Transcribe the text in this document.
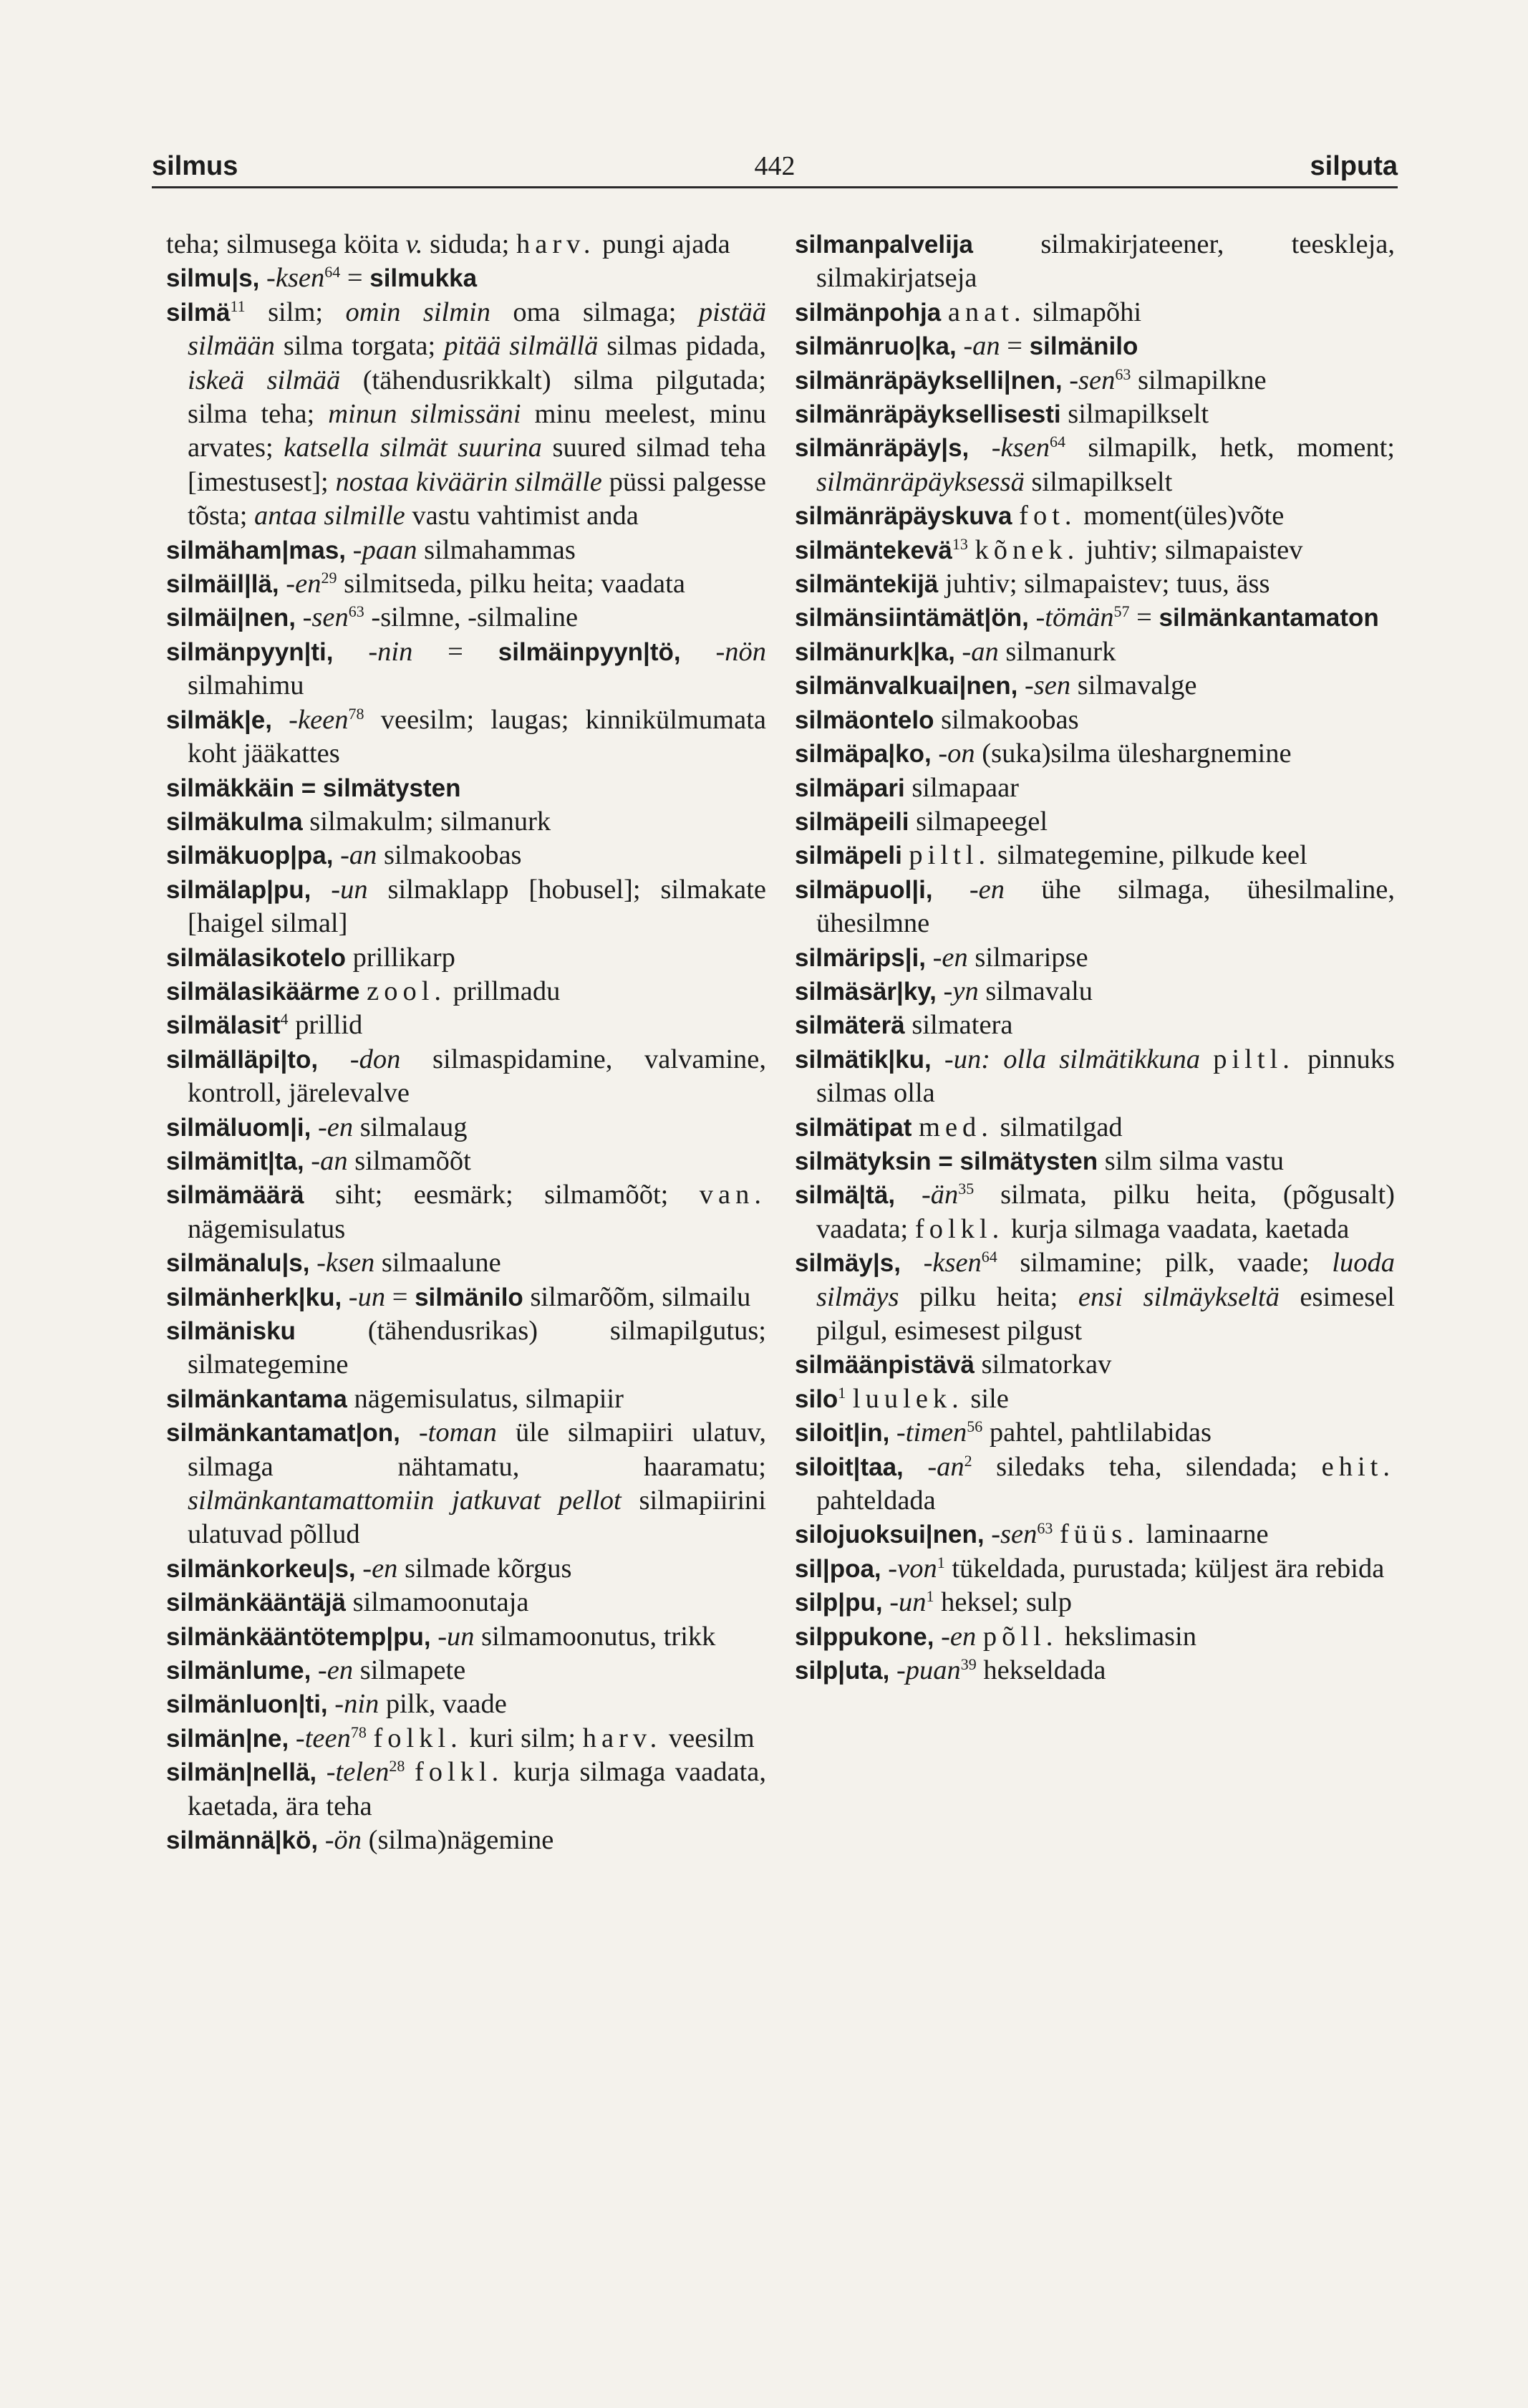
442
silmus	silputa

teha; silmusega köita v. siduda; harv. pungi ajada

silmu|s, -ksen$^{64}$ = silmukka

silmä$^{11}$ silm; omin silmin oma silmaga; pistää silmään silma torgata; pitää silmällä silmas pidada, iskeä silmää (tähendusrikkalt) silma pilgutada; silma teha; minun silmissäni minu meelest, minu arvates; katsella silmät suurina suured silmad teha [imestusest]; nostaa kiväärin silmälle püssi palgesse tõsta; antaa silmille vastu vahtimist anda

silmäham|mas, -paan silmahammas

silmäil|lä, $-en^{29}$ silmitseda, pilku heita; vaadata

silmäi|nen, -sen$^{63}$ -silmne, -silmaline

silmänpyyn|ti, -nin = silmäinpyyn|tö, -nön silmahimu

silmäk|e, -keen$^{78}$ veesilm; laugas; kinnikülmumata koht jääkattes

silmäkkäin = silmätysten

silmäkulma silmakulm; silmanurk

silmäkuop|pa, -an silmakoobas

silmälap|pu, -un silmaklapp [hobusel]; silmakate [haigel silmal]

silmälasikotelo prillikarp

silmälasikäärme zool. prillmadu

silmälasit$^4$ prillid

silmälläpi|to, -don silmaspidamine, valvamine, kontroll, järelevalve

silmäluom|i, -en silmalaug

silmämit|ta, -an silmamõõt

silmämäärä siht; eesmärk; silmamõõt; van. nägemisulatus

silmänalu|s, -ksen silmaalune

silmänherk|ku, -un = silmänilo silmarõõm, silmailu

silmänisku (tähendusrikas) silmapilgutus; silmategemine

silmänkantama nägemisulatus, silmapiir

silmänkantamat|on, -toman üle silmapiiri ulatuv, silmaga nähtamatu, haaramatu; silmänkantamattomiin jatkuvat pellot silmapiirini ulatuvad põllud

silmänkorkeu|s, -en silmade kõrgus

silmänkääntäjä silmamoonutaja

silmänkääntötemp|pu, -un silmamoonutus, trikk

silmänlume, -en silmapete

silmänluon|ti, -nin pilk, vaade

silmän|ne, -teen$^{78}$ folkl. kuri silm; harv. veesilm

silmän|nellä, -telen$^{28}$ folkl. kurja silmaga vaadata, kaetada, ära teha

silmännä|kö, -ön (silma)nägemine

silmanpalvelija silmakirjateener, teeskleja, silmakirjatseja

silmänpohja anat. silmapõhi

silmänruo|ka, -an = silmänilo

silmänräpäykselli|nen, -sen$^{63}$ silmapilkne

silmänräpäyksellisesti silmapilkselt

silmänräpäy|s, -ksen$^{64}$ silmapilk, hetk, moment; silmänräpäyksessä silmapilkselt

silmänräpäyskuva fot. moment(üles)võte

silmäntekevä$^{13}$ kõnek. juhtiv; silmapaistev

silmäntekijä juhtiv; silmapaistev; tuus, äss

silmänsiintämät|ön, -tömän$^{57}$ = silmänkantamaton

silmänurk|ka, -an silmanurk

silmänvalkuai|nen, -sen silmavalge

silmäontelo silmakoobas

silmäpa|ko, -on (suka)silma üleshargnemine

silmäpari silmapaar

silmäpeili silmapeegel

silmäpeli piltl. silmategemine, pilkude keel

silmäpuol|i, -en ühe silmaga, ühesilmaline, ühesilmne

silmärips|i, -en silmaripse

silmäsär|ky, -yn silmavalu

silmäterä silmatera

silmätik|ku, -un: olla silmätikkuna piltl. pinnuks silmas olla

silmätipat med. silmatilgad

silmätyksin = silmätysten silm silma vastu

silmä|tä, $-än^{35}$ silmata, pilku heita, (põgusalt) vaadata; folkl. kurja silmaga vaadata, kaetada

silmäy|s, -ksen$^{64}$ silmamine; pilk, vaade; luoda silmäys pilku heita; ensi silmäykseltä esimesel pilgul, esimesest pilgust

silmäänpistävä silmatorkav

silo$^1$ luulek. sile

siloit|in, -timen$^{56}$ pahtel, pahtlilabidas

siloit|taa, $-an^2$ siledaks teha, silendada; ehit. pahteldada

silojuoksui|nen, -sen$^{63}$ füüs. laminaarne

sil|poa, -von$^1$ tükeldada, purustada; küljest ära rebida

silp|pu, $-un^1$ heksel; sulp

silppukone, -en põll. hekslimasin

silp|uta, -puan$^{39}$ hekseldada
